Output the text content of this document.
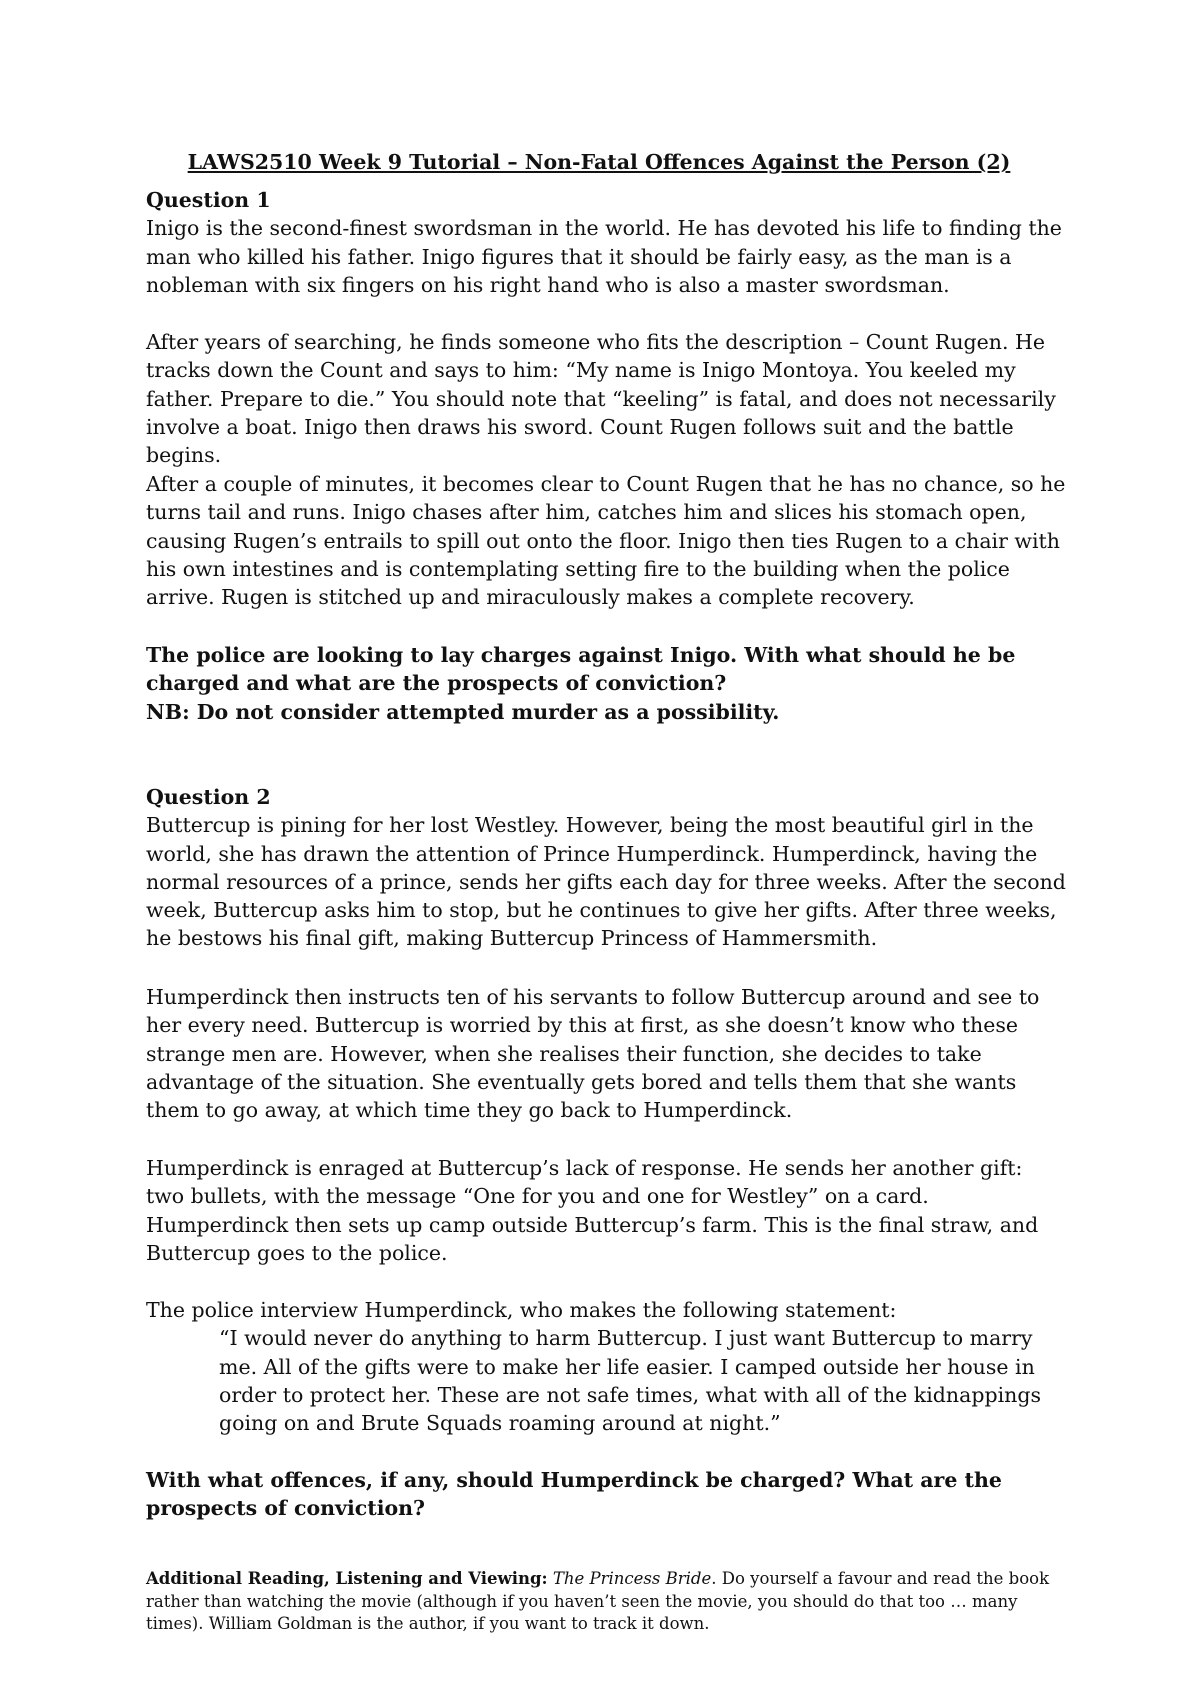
LAWS2510 Week 9 Tutorial – Non-Fatal Offences Against the Person (2)

Question 1

Inigo is the second-finest swordsman in the world. He has devoted his life to finding the man who killed his father. Inigo figures that it should be fairly easy, as the man is a nobleman with six fingers on his right hand who is also a master swordsman.

After years of searching, he finds someone who fits the description – Count Rugen. He tracks down the Count and says to him: “My name is Inigo Montoya. You keeled my father. Prepare to die.” You should note that “keeling” is fatal, and does not necessarily involve a boat. Inigo then draws his sword. Count Rugen follows suit and the battle begins.

After a couple of minutes, it becomes clear to Count Rugen that he has no chance, so he turns tail and runs. Inigo chases after him, catches him and slices his stomach open, causing Rugen’s entrails to spill out onto the floor. Inigo then ties Rugen to a chair with his own intestines and is contemplating setting fire to the building when the police arrive. Rugen is stitched up and miraculously makes a complete recovery.

The police are looking to lay charges against Inigo. With what should he be charged and what are the prospects of conviction?

NB: Do not consider attempted murder as a possibility.

Question 2

Buttercup is pining for her lost Westley. However, being the most beautiful girl in the world, she has drawn the attention of Prince Humperdinck. Humperdinck, having the normal resources of a prince, sends her gifts each day for three weeks. After the second week, Buttercup asks him to stop, but he continues to give her gifts. After three weeks, he bestows his final gift, making Buttercup Princess of Hammersmith.

Humperdinck then instructs ten of his servants to follow Buttercup around and see to her every need. Buttercup is worried by this at first, as she doesn’t know who these strange men are. However, when she realises their function, she decides to take advantage of the situation. She eventually gets bored and tells them that she wants them to go away, at which time they go back to Humperdinck.

Humperdinck is enraged at Buttercup’s lack of response. He sends her another gift: two bullets, with the message “One for you and one for Westley” on a card. Humperdinck then sets up camp outside Buttercup’s farm. This is the final straw, and Buttercup goes to the police.

The police interview Humperdinck, who makes the following statement:

“I would never do anything to harm Buttercup. I just want Buttercup to marry me. All of the gifts were to make her life easier. I camped outside her house in order to protect her. These are not safe times, what with all of the kidnappings going on and Brute Squads roaming around at night.”

With what offences, if any, should Humperdinck be charged? What are the prospects of conviction?

Additional Reading, Listening and Viewing: The Princess Bride. Do yourself a favour and read the book rather than watching the movie (although if you haven’t seen the movie, you should do that too … many times). William Goldman is the author, if you want to track it down.
